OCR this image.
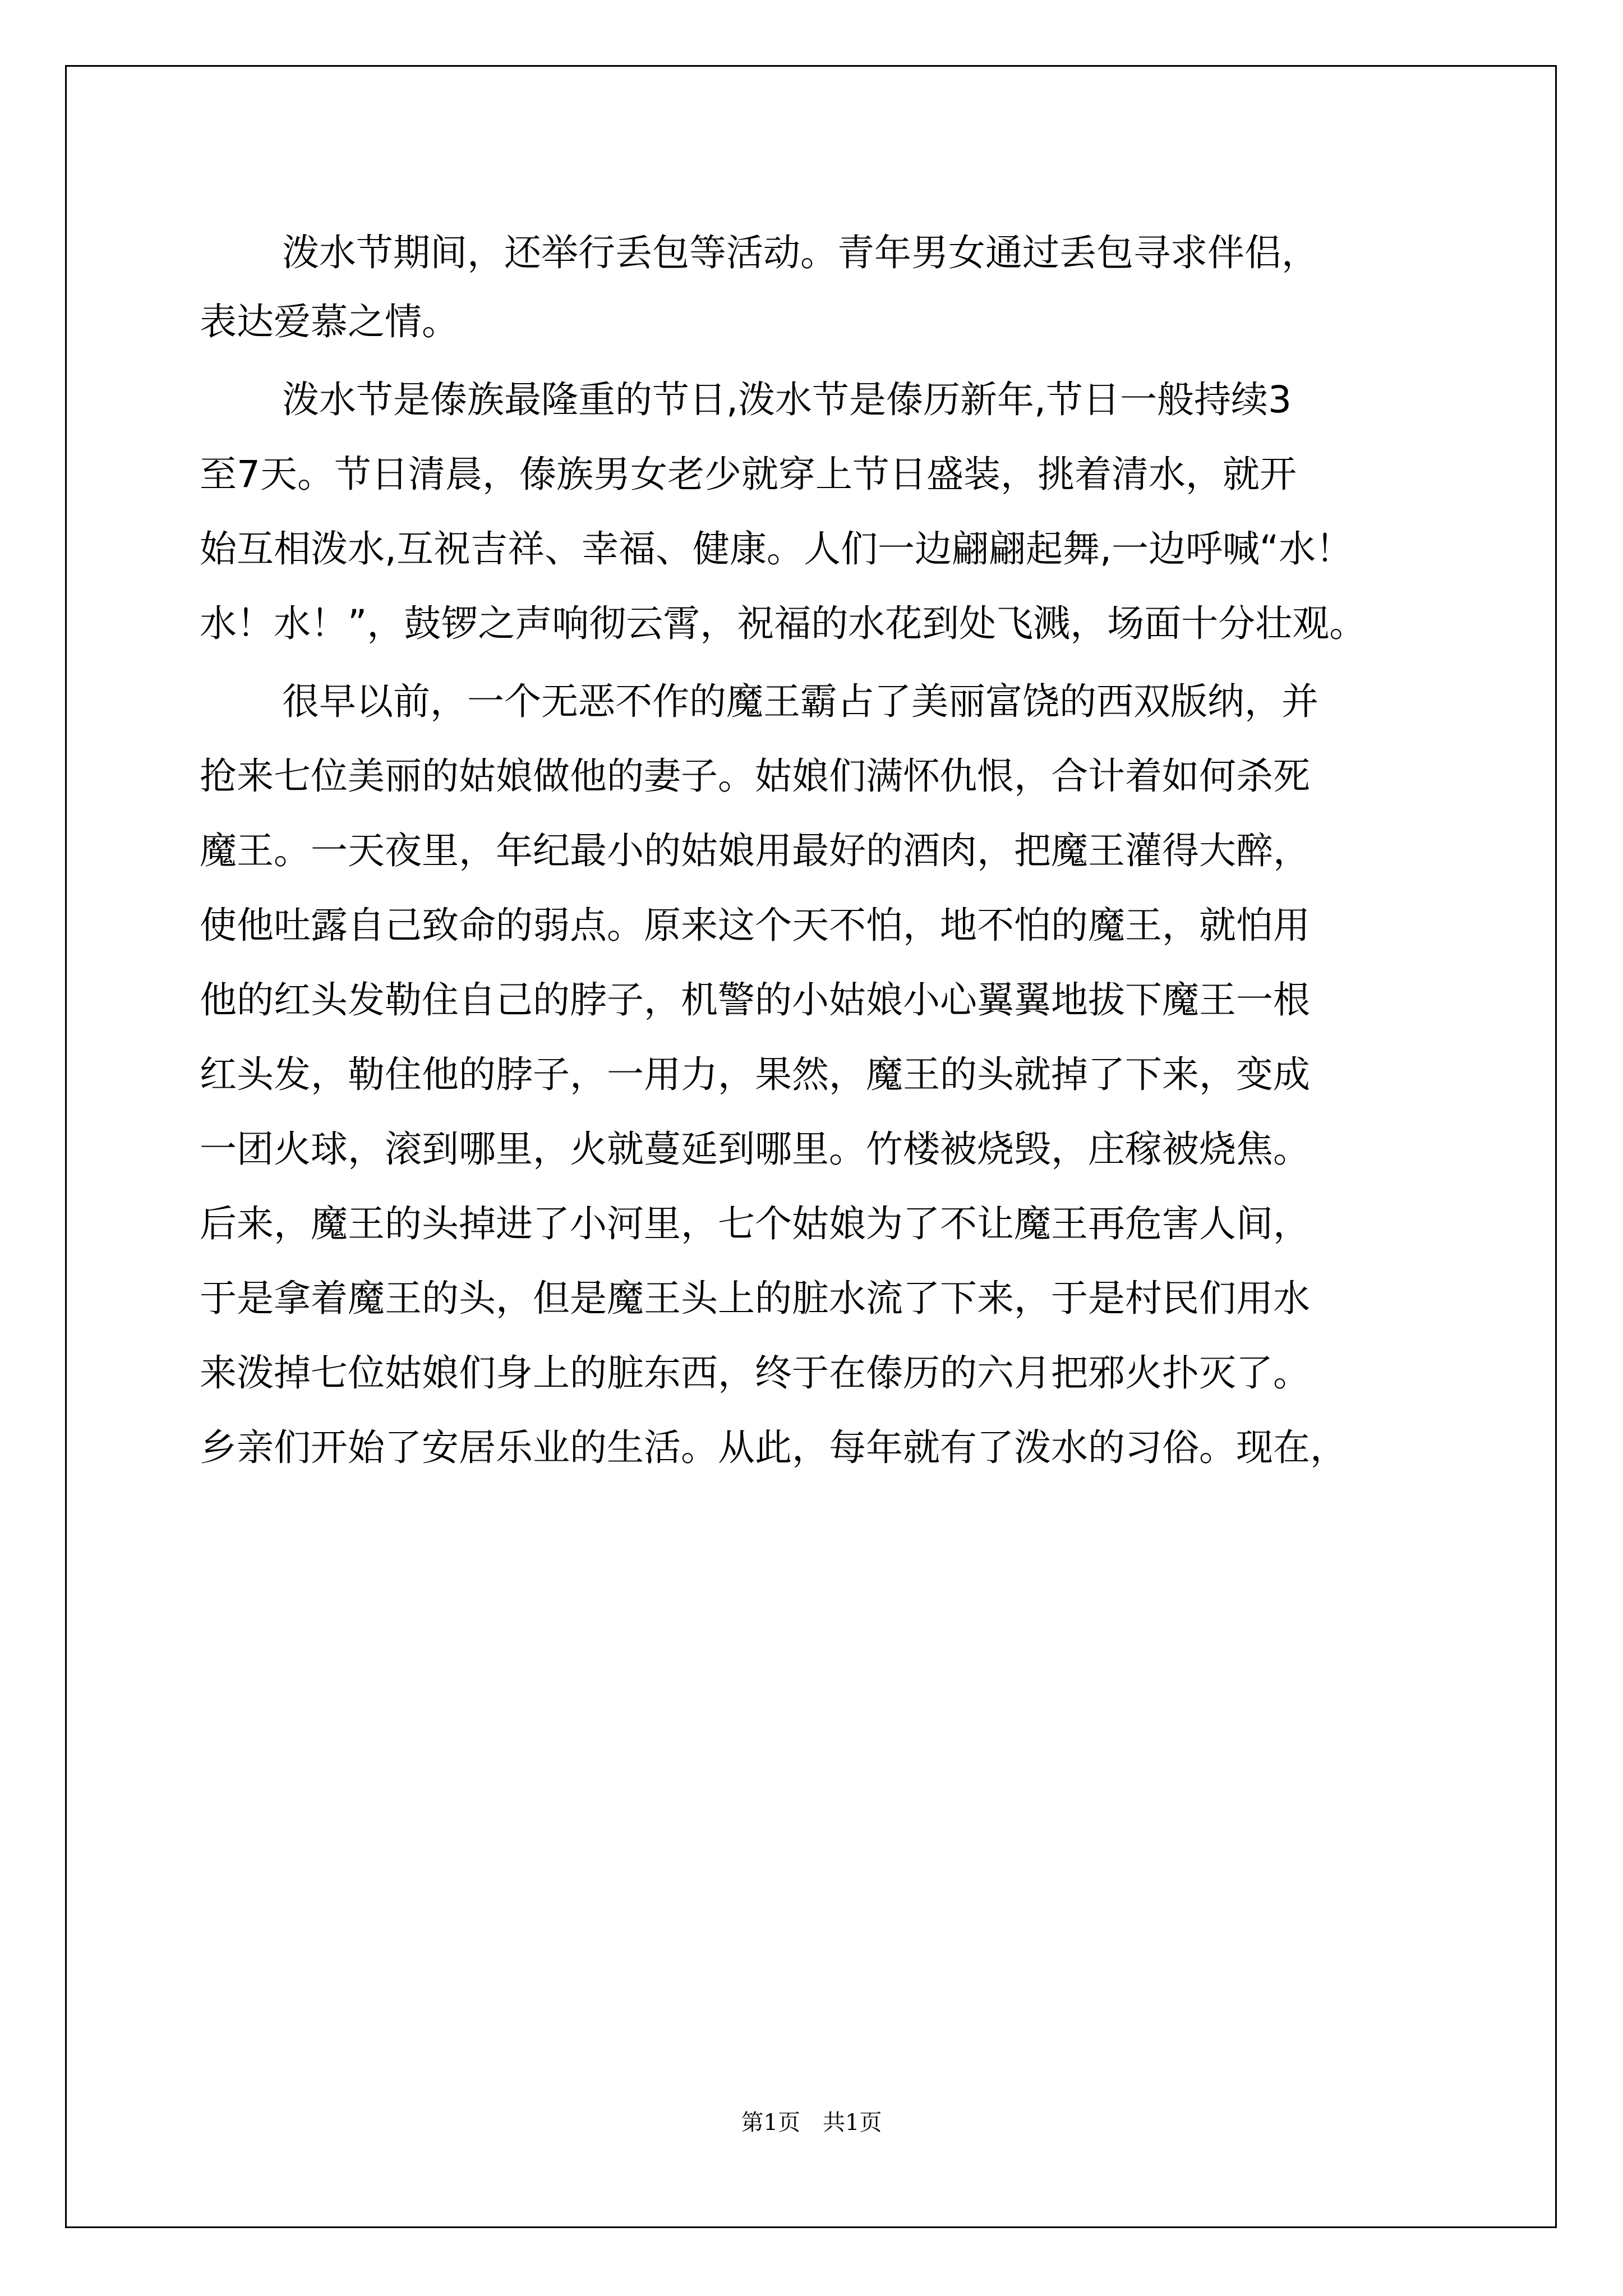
泼水节期间，还举行丢包等活动。青年男女通过丢包寻求伴侣，
表达爱慕之情。
泼水节是傣族最隆重的节日,泼水节是傣历新年,节日一般持续3
至7天。节日清晨，傣族男女老少就穿上节日盛装，挑着清水，就开
始互相泼水,互祝吉祥、幸福、健康。人们一边翩翩起舞,一边呼喊“水！
水！水！”，鼓锣之声响彻云霄，祝福的水花到处飞溅，场面十分壮观。
很早以前，一个无恶不作的魔王霸占了美丽富饶的西双版纳，并
抢来七位美丽的姑娘做他的妻子。姑娘们满怀仇恨，合计着如何杀死
魔王。一天夜里，年纪最小的姑娘用最好的酒肉，把魔王灌得大醉，
使他吐露自己致命的弱点。原来这个天不怕，地不怕的魔王，就怕用
他的红头发勒住自己的脖子，机警的小姑娘小心翼翼地拔下魔王一根
红头发，勒住他的脖子，一用力，果然，魔王的头就掉了下来，变成
一团火球，滚到哪里，火就蔓延到哪里。竹楼被烧毁，庄稼被烧焦。
后来，魔王的头掉进了小河里，七个姑娘为了不让魔王再危害人间，
于是拿着魔王的头，但是魔王头上的脏水流了下来，于是村民们用水
来泼掉七位姑娘们身上的脏东西，终于在傣历的六月把邪火扑灭了。
乡亲们开始了安居乐业的生活。从此，每年就有了泼水的习俗。现在，
第1页　共1页
